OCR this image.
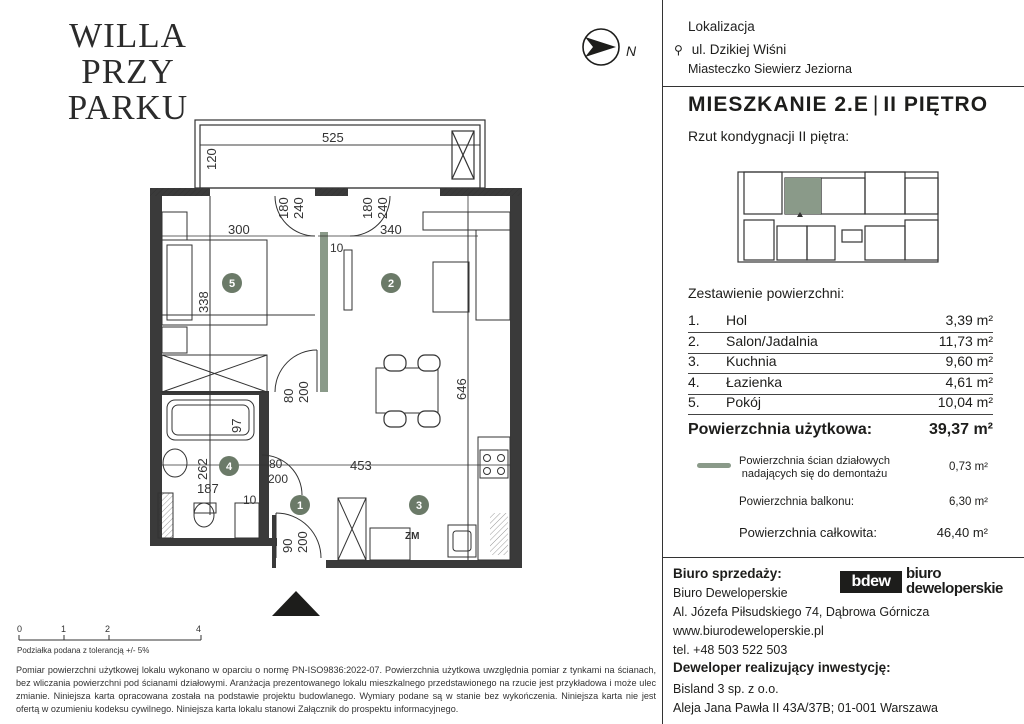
WILLA
PRZY PARKU
N
Lokalizacja
⚲ ul. Dzikiej Wiśni
Miasteczko Siewierz Jeziorna
MIESZKANIE 2.E | II PIĘTRO
Rzut kondygnacji II piętra:
Zestawienie powierzchni:
1. Hol	3,39 m²
2. Salon/Jadalnia	11,73 m²
3. Kuchnia	9,60 m²
4. Łazienka	4,61 m²
5. Pokój	10,04 m²
Powierzchnia użytkowa:	39,37 m²
Powierzchnia ścian działowych
nadających się do demontażu
0,73 m²
Powierzchnia balkonu:	6,30 m²
Powierzchnia całkowita:	46,40 m²
Biuro sprzedaży:
Biuro Deweloperskie
Al. Józefa Piłsudskiego 74, Dąbrowa Górnicza
www.biurodeweloperskie.pl
tel. +48 503 522 503
bdew	biuro
deweloperskie
Deweloper realizujący inwestycję:
Bisland 3 sp. z o.o.
Aleja Jana Pawła II 43A/37B; 01-001 Warszawa
1
2
3
4
5
525
120
180 240	180 240
300	340
10
338
80 200	646
97
262
187
453
80
200
10
90 200	ZM
0	1	2	4
Podziałka podana z tolerancją +/- 5%
Pomiar powierzchni użytkowej lokalu wykonano w oparciu o normę PN-ISO9836:2022-07. Powierzchnia użytkowa uwzględnia pomiar z tynkami na ścianach, bez wliczania powierzchni pod ścianami działowymi. Aranżacja prezentowanego lokalu mieszkalnego przedstawionego na rzucie jest przykładowa i może ulec zmianie. Niniejsza karta opracowana została na podstawie projektu budowlanego. Wymiary podane są w stanie bez wykończenia. Niniejsza karta nie jest ofertą w ozumieniu kodeksu cywilnego. Niniejsza karta lokalu stanowi Załącznik do prospektu informacyjnego.
